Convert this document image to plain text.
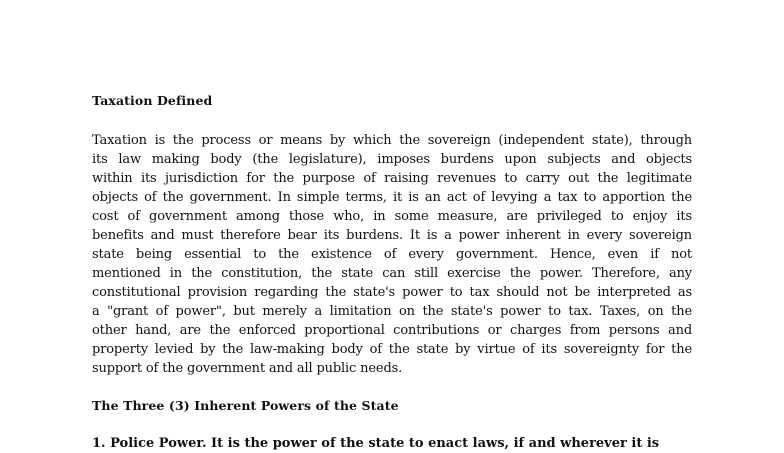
Taxation Defined
Taxation is the process or means by which the sovereign (independent state), through
its law making body (the legislature), imposes burdens upon subjects and objects
within its jurisdiction for the purpose of raising revenues to carry out the legitimate
objects of the government. In simple terms, it is an act of levying a tax to apportion the
cost of government among those who, in some measure, are privileged to enjoy its
benefits and must therefore bear its burdens. It is a power inherent in every sovereign
state being essential to the existence of every government. Hence, even if not
mentioned in the constitution, the state can still exercise the power. Therefore, any
constitutional provision regarding the state's power to tax should not be interpreted as
a "grant of power", but merely a limitation on the state's power to tax. Taxes, on the
other hand, are the enforced proportional contributions or charges from persons and
property levied by the law-making body of the state by virtue of its sovereignty for the
support of the government and all public needs.
The Three (3) Inherent Powers of the State
1. Police Power. It is the power of the state to enact laws, if and wherever it is
